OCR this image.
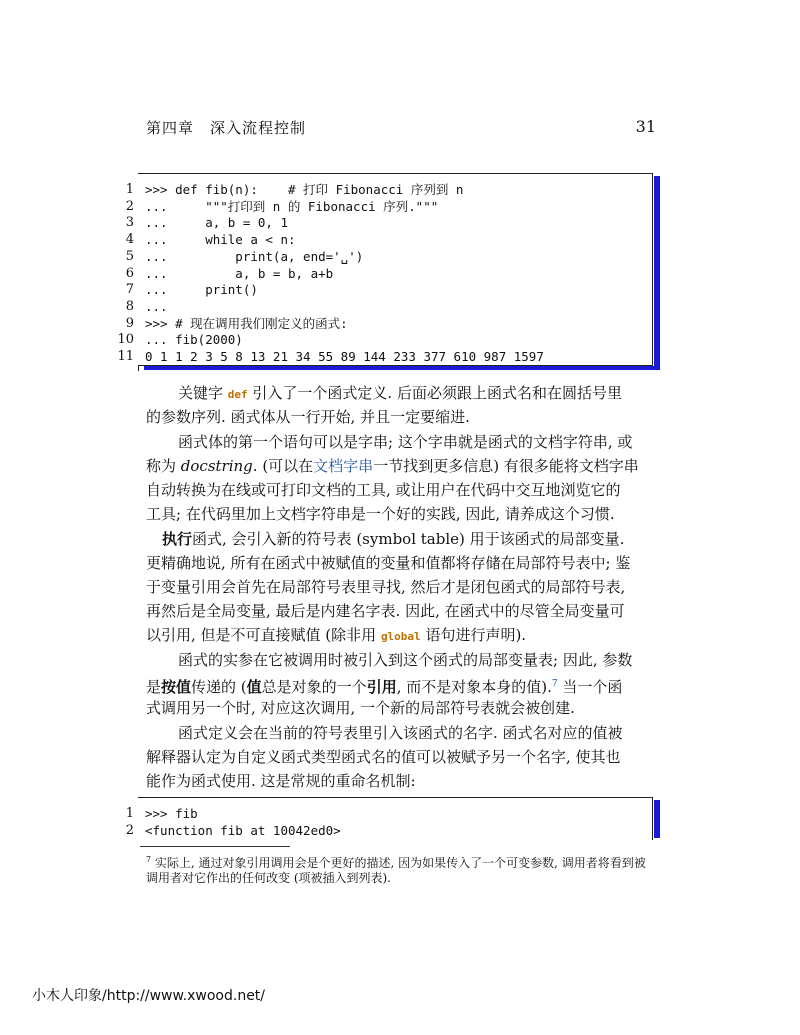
第四章　深入流程控制	31
1 >>> def fib(n):    # 打印 Fibonacci 序列到 n
2 ...     """打印到 n 的 Fibonacci 序列."""
3 ...     a, b = 0, 1
4 ...     while a < n:
5 ...         print(a, end='␣')
6 ...         a, b = b, a+b
7 ...     print()
8 ...
9 >>> # 现在调用我们刚定义的函式:
10 ... fib(2000)
11 0 1 1 2 3 5 8 13 21 34 55 89 144 233 377 610 987 1597
关键字 def 引入了一个函式定义. 后面必须跟上函式名和在圆括号里
的参数序列. 函式体从一行开始, 并且一定要缩进.
函式体的第一个语句可以是字串; 这个字串就是函式的文档字符串, 或
称为 docstring. (可以在文档字串一节找到更多信息) 有很多能将文档字串
自动转换为在线或可打印文档的工具, 或让用户在代码中交互地浏览它的
工具; 在代码里加上文档字符串是一个好的实践, 因此, 请养成这个习惯.
执行函式, 会引入新的符号表 (symbol table) 用于该函式的局部变量.
更精确地说, 所有在函式中被赋值的变量和值都将存储在局部符号表中; 鉴
于变量引用会首先在局部符号表里寻找, 然后才是闭包函式的局部符号表,
再然后是全局变量, 最后是内建名字表. 因此, 在函式中的尽管全局变量可
以引用, 但是不可直接赋值 (除非用 global 语句进行声明).
函式的实参在它被调用时被引入到这个函式的局部变量表; 因此, 参数
是按值传递的 (值总是对象的一个引用, 而不是对象本身的值).$^7$ 当一个函
式调用另一个时, 对应这次调用, 一个新的局部符号表就会被创建.
函式定义会在当前的符号表里引入该函式的名字. 函式名对应的值被
解释器认定为自定义函式类型函式名的值可以被赋予另一个名字, 使其也
能作为函式使用. 这是常规的重命名机制:
1 >>> fib
2 <function fib at 10042ed0>
$^7$ 实际上, 通过对象引用调用会是个更好的描述, 因为如果传入了一个可变参数, 调用者将看到被
调用者对它作出的任何改变 (项被插入到列表).
小木人印象/http://www.xwood.net/
